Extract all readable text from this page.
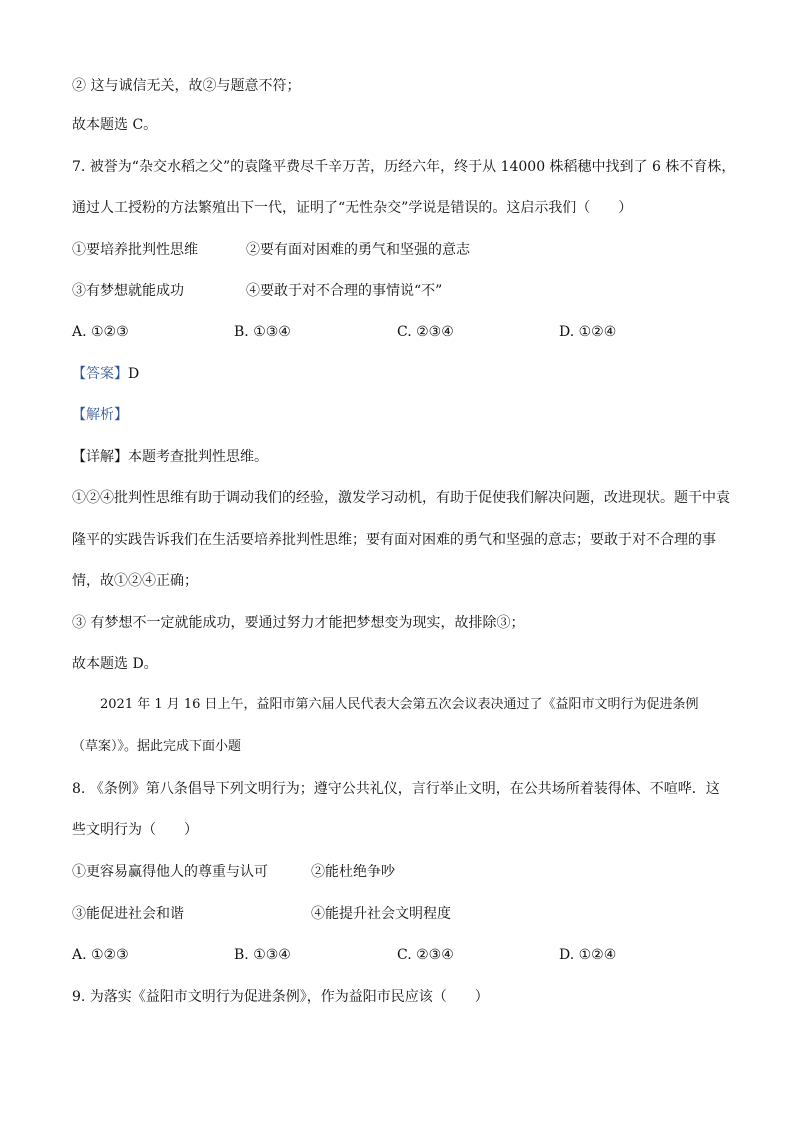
② 这与诚信无关，故②与题意不符；
故本题选 C。
7. 被誉为“杂交水稻之父”的袁隆平费尽千辛万苦，历经六年，终于从 14000 株稻穗中找到了 6 株不育株，
通过人工授粉的方法繁殖出下一代，证明了“无性杂交”学说是错误的。这启示我们（　　）
①要培养批判性思维	②要有面对困难的勇气和坚强的意志
③有梦想就能成功	④要敢于对不合理的事情说“不”
A. ①②③	B. ①③④	C. ②③④	D. ①②④
【答案】D
【解析】
【详解】本题考查批判性思维。
①②④批判性思维有助于调动我们的经验，激发学习动机，有助于促使我们解决问题，改进现状。题干中袁
隆平的实践告诉我们在生活要培养批判性思维；要有面对困难的勇气和坚强的意志；要敢于对不合理的事
情，故①②④正确；
③ 有梦想不一定就能成功，要通过努力才能把梦想变为现实，故排除③；
故本题选 D。
2021 年 1 月 16 日上午，益阳市第六届人民代表大会第五次会议表决通过了《益阳市文明行为促进条例
（草案）》。据此完成下面小题
8. 《条例》第八条倡导下列文明行为；遵守公共礼仪，言行举止文明，在公共场所着装得体、不喧哗．这
些文明行为（　　）
①更容易赢得他人的尊重与认可	②能杜绝争吵
③能促进社会和谐	④能提升社会文明程度
A. ①②③	B. ①③④	C. ②③④	D. ①②④
9. 为落实《益阳市文明行为促进条例》，作为益阳市民应该（　　）
